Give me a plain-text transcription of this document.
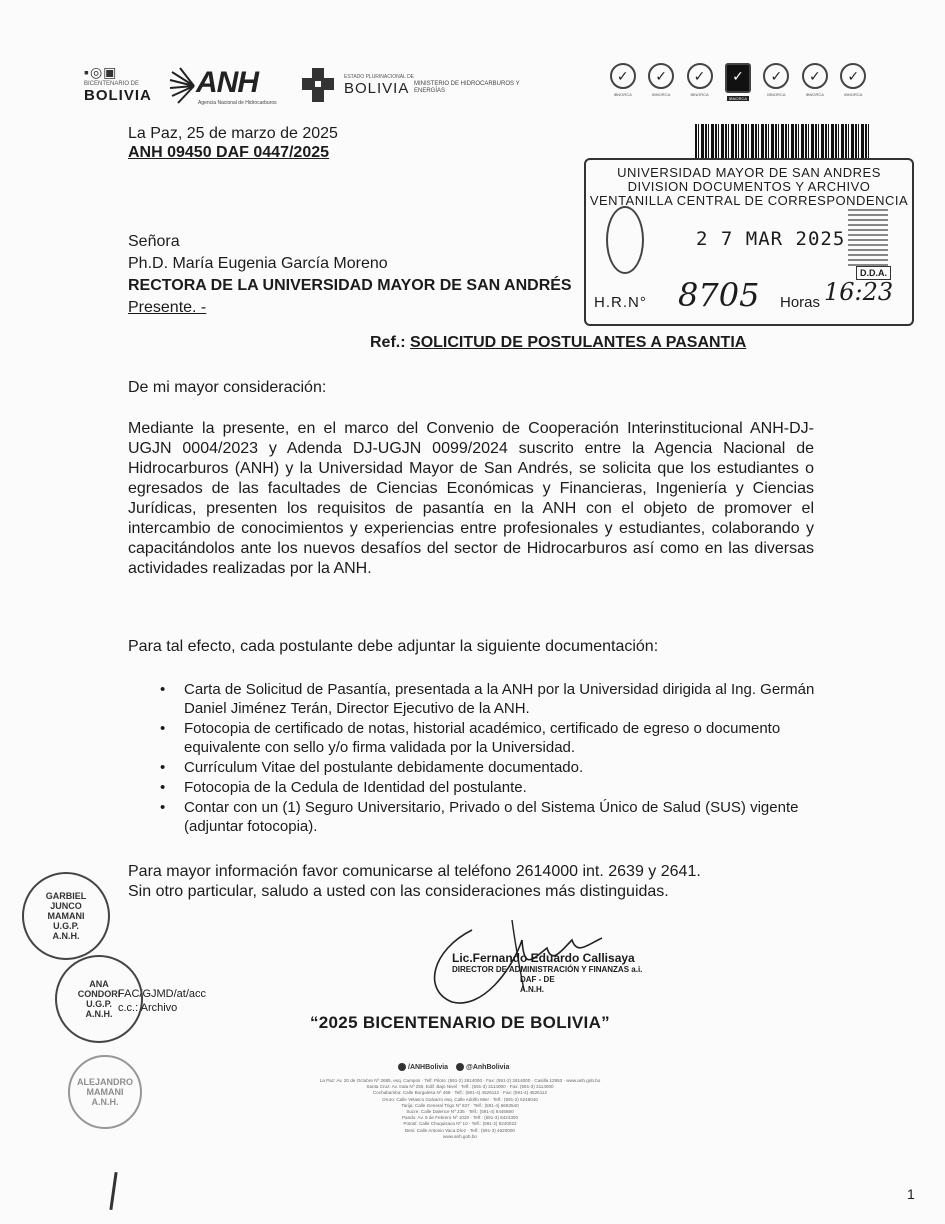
▪◎▣
BICENTENARIO DE
BOLIVIA ANH
Agencia Nacional de Hidrocarburos
ESTADO PLURINACIONAL DE
BOLIVIA MINISTERIO DE HIDROCARBUROS Y ENERGÍAS
✓
IBNORCA
✓
IBNORCA
✓
IBNORCA
✓
IBNORCA
✓
IBNORCA
✓
IBNORCA
✓
IBNORCA
UNIVERSIDAD MAYOR DE SAN ANDRES
DIVISION DOCUMENTOS Y ARCHIVO
VENTANILLA CENTRAL DE CORRESPONDENCIA
2 7 MAR 2025
D.D.A.
H.R.N° 8705 Horas 16:23
La Paz, 25 de marzo de 2025
ANH 09450 DAF 0447/2025
Señora
Ph.D. María Eugenia García Moreno
RECTORA DE LA UNIVERSIDAD MAYOR DE SAN ANDRÉS
Presente. -
Ref.: SOLICITUD DE POSTULANTES A PASANTIA
De mi mayor consideración:
Mediante la presente, en el marco del Convenio de Cooperación Interinstitucional ANH-DJ-UGJN 0004/2023 y Adenda DJ-UGJN 0099/2024 suscrito entre la Agencia Nacional de Hidrocarburos (ANH) y la Universidad Mayor de San Andrés, se solicita que los estudiantes o egresados de las facultades de Ciencias Económicas y Financieras, Ingeniería y Ciencias Jurídicas, presenten los requisitos de pasantía en la ANH con el objeto de promover el intercambio de conocimientos y experiencias entre profesionales y estudiantes, colaborando y capacitándolos ante los nuevos desafíos del sector de Hidrocarburos así como en las diversas actividades realizadas por la ANH.
Para tal efecto, cada postulante debe adjuntar la siguiente documentación:
• Carta de Solicitud de Pasantía, presentada a la ANH por la Universidad dirigida al Ing. Germán Daniel Jiménez Terán, Director Ejecutivo de la ANH.
• Fotocopia de certificado de notas, historial académico, certificado de egreso o documento equivalente con sello y/o firma validada por la Universidad.
• Currículum Vitae del postulante debidamente documentado.
• Fotocopia de la Cedula de Identidad del postulante.
• Contar con un (1) Seguro Universitario, Privado o del Sistema Único de Salud (SUS) vigente (adjuntar fotocopia).
Para mayor información favor comunicarse al teléfono 2614000 int. 2639 y 2641.
Sin otro particular, saludo a usted con las consideraciones más distinguidas.
Lic.Fernando Eduardo Callisaya
DIRECTOR DE ADMINISTRACIÓN Y FINANZAS a.i.
DAF - DE
A.N.H.
FAC/GJMD/at/acc
c.c.: Archivo
“2025 BICENTENARIO DE BOLIVIA”
GARBIEL
JUNCO
MAMANI
U.G.P.
A.N.H.
ANA
CONDORI
U.G.P.
A.N.H.
ALEJANDRO
MAMANI
A.N.H.
/ANHBolivia	@AnhBolivia
La Paz: Av. 20 de Octubre Nº 2685, esq. Campos · Telf. Piloto: (591-2) 2614000 · Fax: (591-2) 2614000 · Casilla 12953 · www.anh.gob.bo
Santa Cruz: Av. Irala Nº 250, Edif. Bajo Nivel · Telf.: (591-3) 3114000 · Fax: (591-3) 3114000
Cochabamba: Calle Burgalesa Nº 468 · Telf.: (591-4) 4526112 · Fax: (591-4) 4526112
Oruro: Calle Velasco Galvarro esq. Calle Adolfo Mier · Telf.: (591-2) 5246040
Tarija: Calle General Trigo Nº 827 · Telf.: (591-4) 6663540
Sucre: Calle Dalence Nº 235 · Telf.: (591-4) 6446660
Pando: Av. 9 de Febrero Nº 1020 · Telf.: (591-3) 8424300
Potosí: Calle Chuquisaca Nº 10 · Telf.: (591-2) 6240022
Beni: Calle Antonio Vaca Díez · Telf.: (591-3) 4620000
www.anh.gob.bo
1
